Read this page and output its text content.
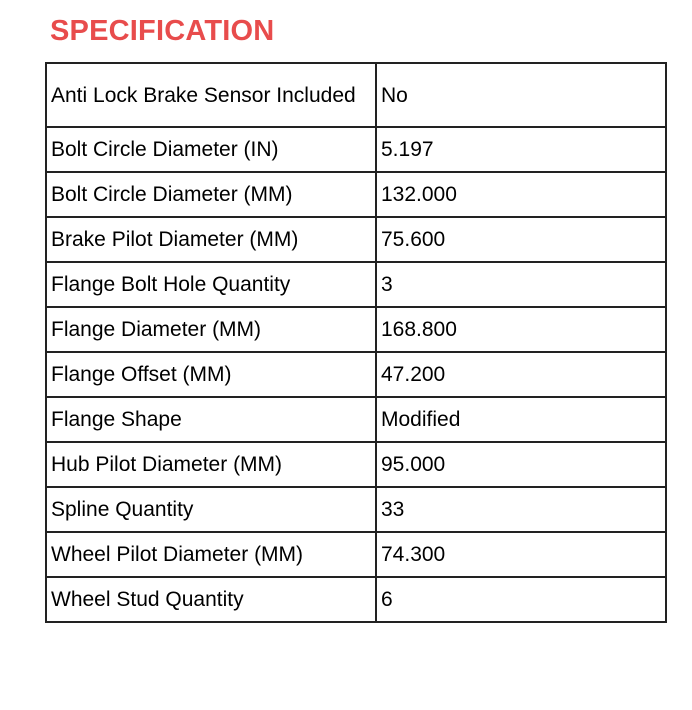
SPECIFICATION
Anti Lock Brake Sensor Included	No
Bolt Circle Diameter (IN)	5.197
Bolt Circle Diameter (MM)	132.000
Brake Pilot Diameter (MM)	75.600
Flange Bolt Hole Quantity	3
Flange Diameter (MM)	168.800
Flange Offset (MM)	47.200
Flange Shape	Modified
Hub Pilot Diameter (MM)	95.000
Spline Quantity	33
Wheel Pilot Diameter (MM)	74.300
Wheel Stud Quantity	6
